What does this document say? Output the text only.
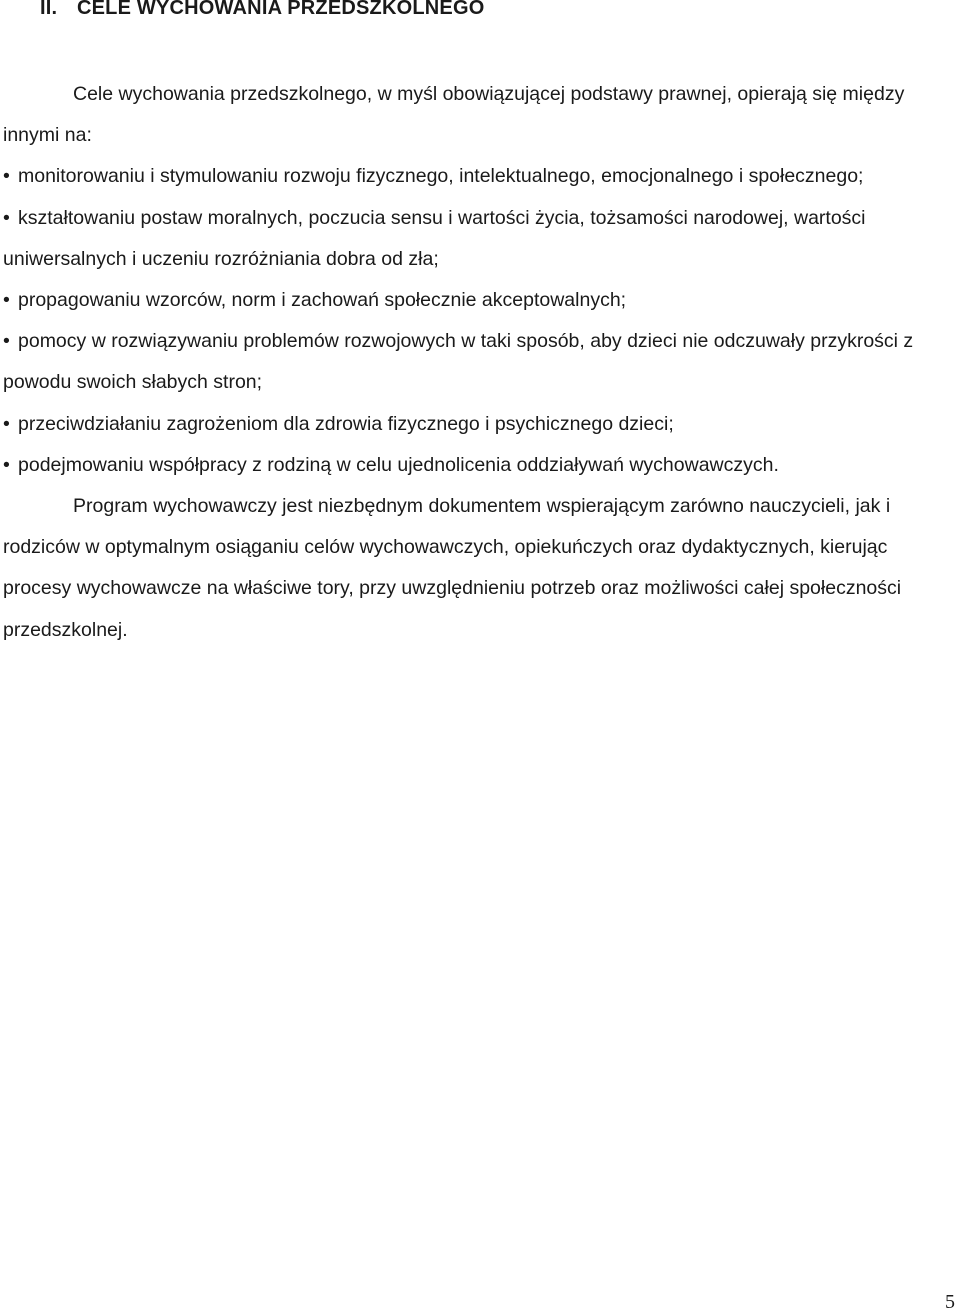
II. CELE WYCHOWANIA PRZEDSZKOLNEGO

Cele wychowania przedszkolnego, w myśl obowiązującej podstawy prawnej, opierają się między innymi na:

• monitorowaniu i stymulowaniu rozwoju fizycznego, intelektualnego, emocjonalnego i społecznego;

• kształtowaniu postaw moralnych, poczucia sensu i wartości życia, tożsamości narodowej, wartości uniwersalnych i uczeniu rozróżniania dobra od zła;

• propagowaniu wzorców, norm i zachowań społecznie akceptowalnych;

• pomocy w rozwiązywaniu problemów rozwojowych w taki sposób, aby dzieci nie odczuwały przykrości z powodu swoich słabych stron;

• przeciwdziałaniu zagrożeniom dla zdrowia fizycznego i psychicznego dzieci;

• podejmowaniu współpracy z rodziną w celu ujednolicenia oddziaływań wychowawczych.

Program wychowawczy jest niezbędnym dokumentem wspierającym zarówno nauczycieli, jak i rodziców w optymalnym osiąganiu celów wychowawczych, opiekuńczych oraz dydaktycznych, kierując procesy wychowawcze na właściwe tory, przy uwzględnieniu potrzeb oraz możliwości całej społeczności przedszkolnej.

5
